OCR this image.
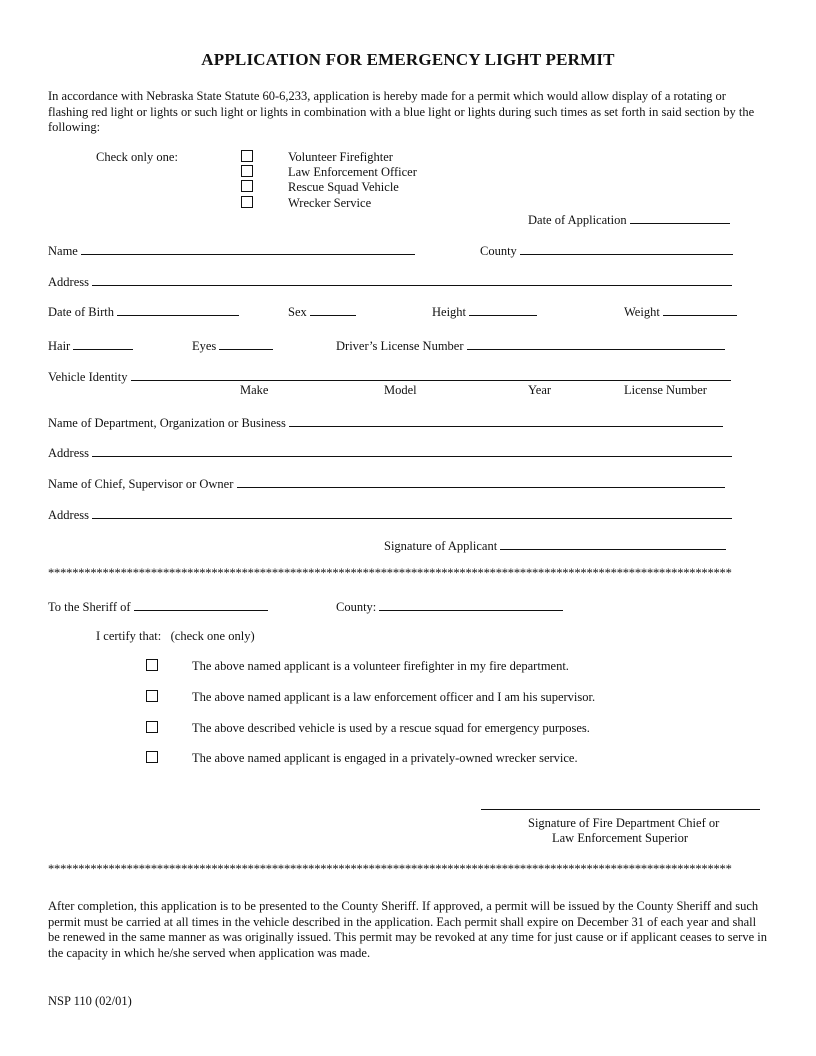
APPLICATION FOR EMERGENCY LIGHT PERMIT
In accordance with Nebraska State Statute 60-6,233, application is hereby made for a permit which would allow display of a rotating or flashing red light or lights or such light or lights in combination with a blue light or lights during such times as set forth in said section by the following:
Check only one:	Volunteer Firefighter
Law Enforcement Officer
Rescue Squad Vehicle
Wrecker Service
Date of Application
Name	County
Address
Date of Birth	Sex	Height	Weight
Hair	Eyes	Driver’s License Number
Vehicle Identity
Make	Model	Year	License Number
Name of Department, Organization or Business
Address
Name of Chief, Supervisor or Owner
Address
Signature of Applicant
*****************************************************************************************************************
To the Sheriff of	County:
I certify that:   (check one only)
The above named applicant is a volunteer firefighter in my fire department.
The above named applicant is a law enforcement officer and I am his supervisor.
The above described vehicle is used by a rescue squad for emergency purposes.
The above named applicant is engaged in a privately-owned wrecker service.
Signature of Fire Department Chief or
Law Enforcement Superior
*****************************************************************************************************************
After completion, this application is to be presented to the County Sheriff. If approved, a permit will be issued by the County Sheriff and such permit must be carried at all times in the vehicle described in the application. Each permit shall expire on December 31 of each year and shall be renewed in the same manner as was originally issued. This permit may be revoked at any time for just cause or if applicant ceases to serve in the capacity in which he/she served when application was made.
NSP 110 (02/01)
